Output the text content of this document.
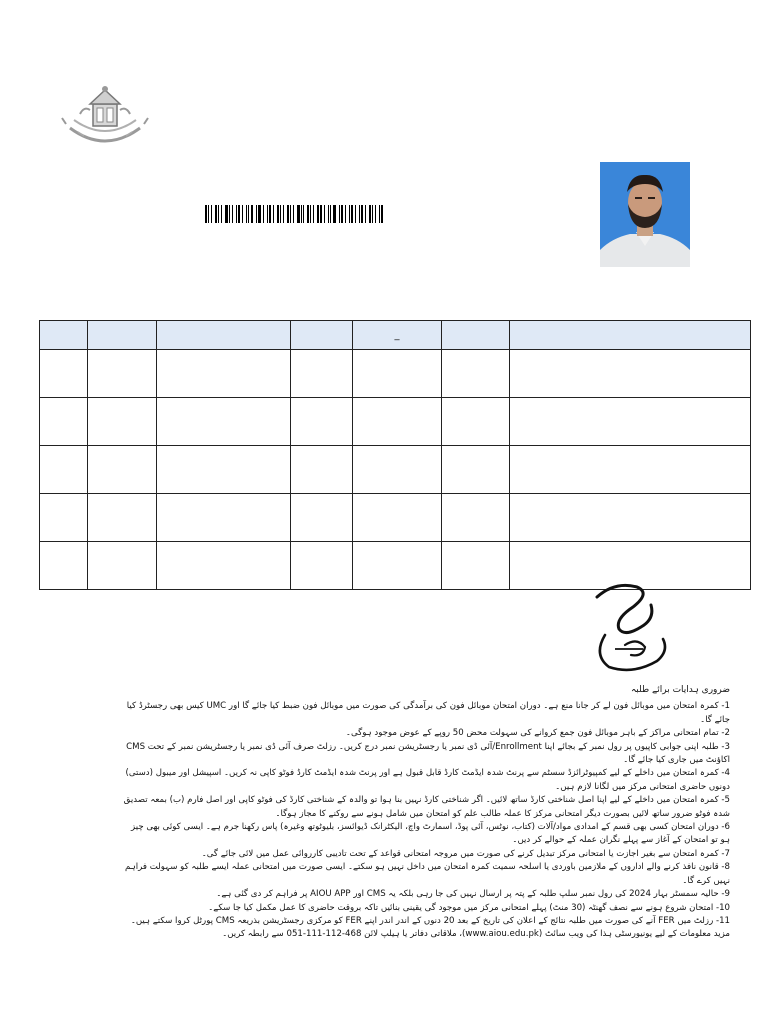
				_		

ضروری ہدایات برائے طلبہ

1- کمرہ امتحان میں موبائل فون لے کر جانا منع ہے۔ دوران امتحان موبائل فون کی برآمدگی کی صورت میں موبائل فون ضبط کیا جائے گا اور UMC کیس بھی رجسٹرڈ کیا جائے گا۔

2- تمام امتحانی مراکز کے باہر موبائل فون جمع کروانے کی سہولت محض 50 روپے کے عوض موجود ہوگی۔

3- طلبہ اپنی جوابی کاپیوں پر رول نمبر کے بجائے اپنا Enrollment/آئی ڈی نمبر یا رجسٹریشن نمبر درج کریں۔ رزلٹ صرف آئی ڈی نمبر یا رجسٹریشن نمبر کے تحت CMS اکاؤنٹ میں جاری کیا جائے گا۔

4- کمرہ امتحان میں داخلے کے لیے کمپیوٹرائزڈ سسٹم سے پرنٹ شدہ ایڈمٹ کارڈ قابل قبول ہے اور پرنٹ شدہ ایڈمٹ کارڈ فوٹو کاپی نہ کریں۔ اسپیشل اور میبول (دستی) دونوں حاضری امتحانی مرکز میں لگانا لازم ہیں۔

5- کمرہ امتحان میں داخلے کے لیے اپنا اصل شناختی کارڈ ساتھ لائیں۔ اگر شناختی کارڈ نہیں بنا ہوا تو والدہ کے شناختی کارڈ کی فوٹو کاپی اور اصل فارم (ب) بمعہ تصدیق شدہ فوٹو ضرور ساتھ لائیں بصورت دیگر امتحانی مرکز کا عملہ طالب علم کو امتحان میں شامل ہونے سے روکنے کا مجاز ہوگا۔

6- دوران امتحان کسی بھی قسم کے امدادی مواد/آلات (کتاب، نوٹس، آئی پوڈ، اسمارٹ واچ، الیکٹرانک ڈیوائسز، بلیوٹوتھ وغیرہ) پاس رکھنا جرم ہے۔ ایسی کوئی بھی چیز ہو تو امتحان کے آغاز سے پہلے نگران عملہ کے حوالے کر دیں۔

7- کمرہ امتحان سے بغیر اجازت یا امتحانی مرکز تبدیل کرنے کی صورت میں مروجہ امتحانی قواعد کے تحت تادیبی کارروائی عمل میں لائی جائے گی۔

8- قانون نافذ کرنے والے اداروں کے ملازمین باوردی یا اسلحہ سمیت کمرہ امتحان میں داخل نہیں ہو سکتے۔ ایسی صورت میں امتحانی عملہ ایسے طلبہ کو سہولت فراہم نہیں کرے گا۔

9- حالیہ سمسٹر بہار 2024 کی رول نمبر سلپ طلبہ کے پتہ پر ارسال نہیں کی جا رہی بلکہ یہ CMS اور AIOU APP پر فراہم کر دی گئی ہے۔

10- امتحان شروع ہونے سے نصف گھنٹہ (30 منٹ) پہلے امتحانی مرکز میں موجود گی یقینی بنائیں تاکہ بروقت حاضری کا عمل مکمل کیا جا سکے۔

11- رزلٹ میں FER آنے کی صورت میں طلبہ نتائج کے اعلان کی تاریخ کے بعد 20 دنوں کے اندر اندر اپنے FER کو مرکزی رجسٹریشن بذریعہ CMS پورٹل کروا سکتے ہیں۔ مزید معلومات کے لیے یونیورسٹی ہذا کی ویب سائٹ (www.aiou.edu.pk)، ملاقاتی دفاتر یا ہیلپ لائن 468-112-111-051 سے رابطہ کریں۔
